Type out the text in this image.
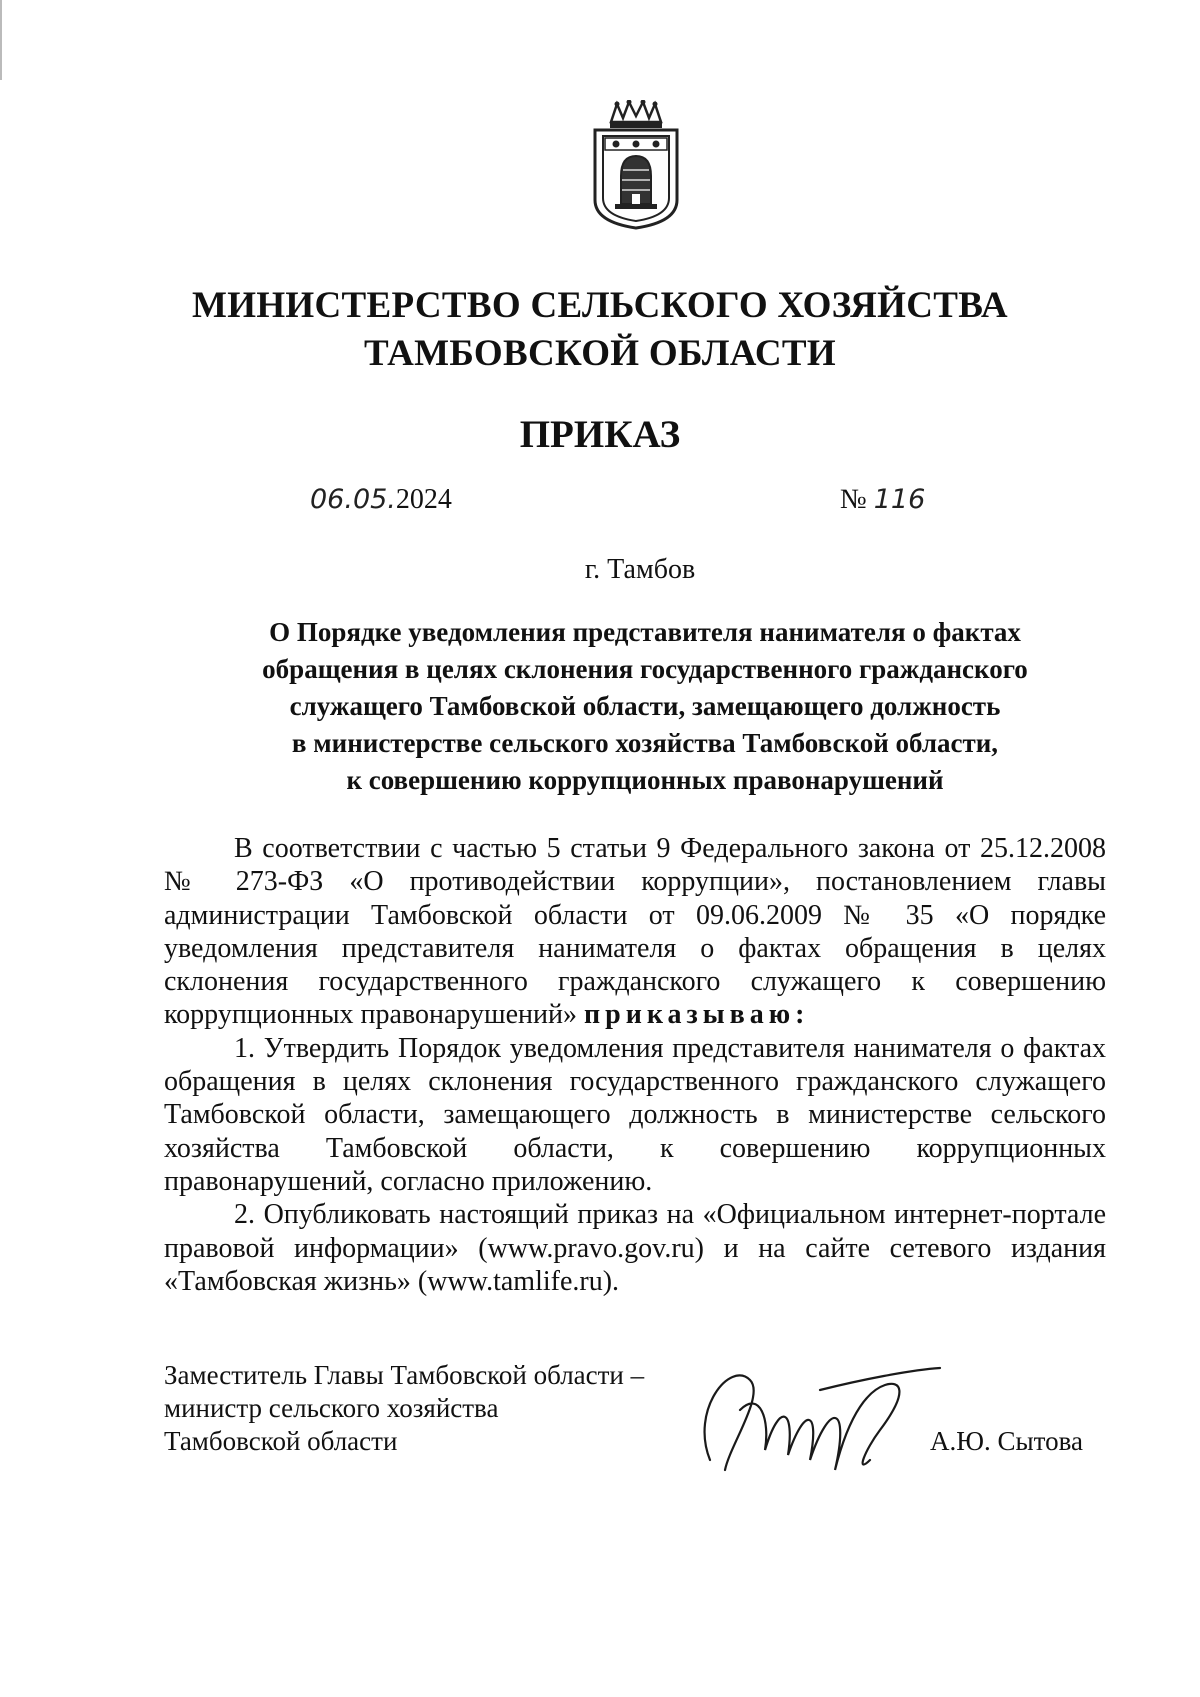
МИНИСТЕРСТВО СЕЛЬСКОГО ХОЗЯЙСТВА
ТАМБОВСКОЙ ОБЛАСТИ
ПРИКАЗ
06.05.2024	№ 116
г. Тамбов
О Порядке уведомления представителя нанимателя о фактах
обращения в целях склонения государственного гражданского
служащего Тамбовской области, замещающего должность
в министерстве сельского хозяйства Тамбовской области,
к совершению коррупционных правонарушений

В соответствии с частью 5 статьи 9 Федерального закона от 25.12.2008 № 273-ФЗ «О противодействии коррупции», постановлением главы администрации Тамбовской области от 09.06.2009 № 35 «О порядке уведомления представителя нанимателя о фактах обращения в целях склонения государственного гражданского служащего к совершению коррупционных правонарушений» приказываю:

1. Утвердить Порядок уведомления представителя нанимателя о фактах обращения в целях склонения государственного гражданского служащего Тамбовской области, замещающего должность в министерстве сельского хозяйства Тамбовской области, к совершению коррупционных правонарушений, согласно приложению.

2. Опубликовать настоящий приказ на «Официальном интернет-портале правовой информации» (www.pravo.gov.ru) и на сайте сетевого издания «Тамбовская жизнь» (www.tamlife.ru).

Заместитель Главы Тамбовской области –
министр сельского хозяйства
Тамбовской области	А.Ю. Сытова
